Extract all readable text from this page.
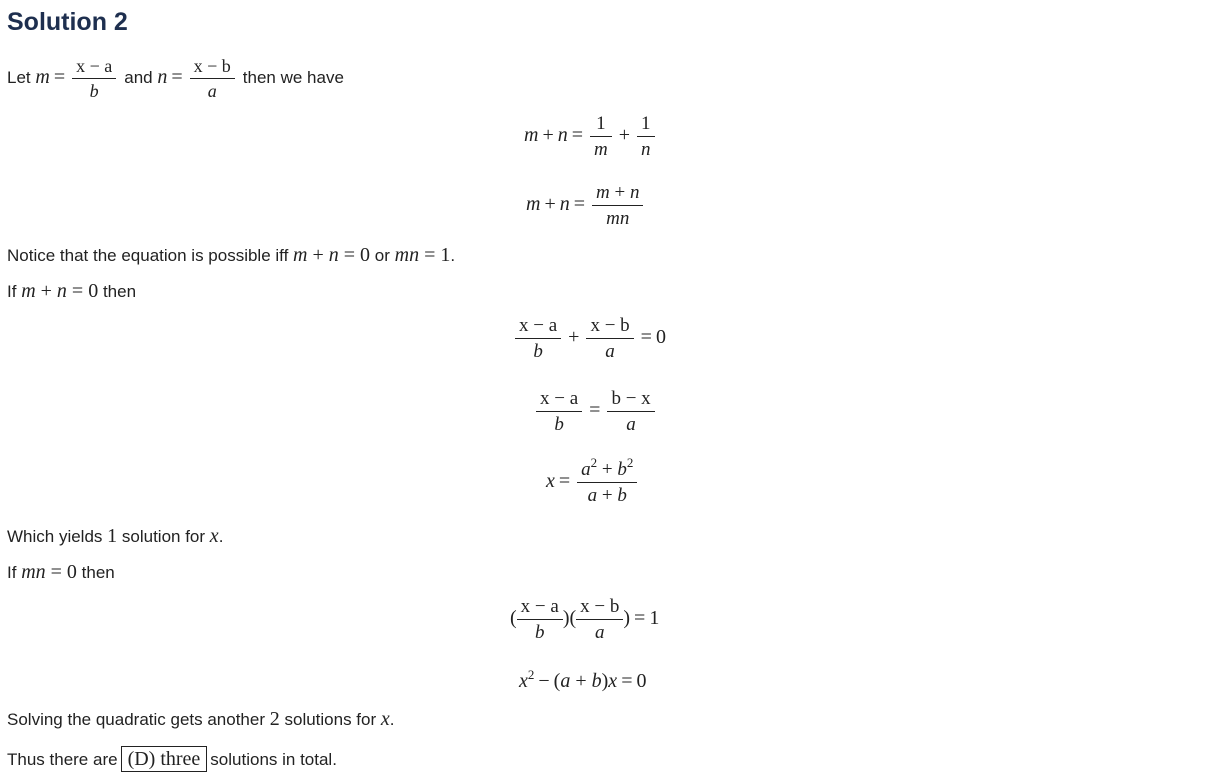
Solution 2
Let $m = \frac{x - a}{b}$ and $n = \frac{x - b}{a}$ then we have
$m + n = \frac{1}{m} + \frac{1}{n}$
$m + n = \frac{m + n}{mn}$
Notice that the equation is possible iff m + n = 0 or mn = 1.
If m + n = 0 then
$\frac{x - a}{b} + \frac{x - b}{a} = 0$
$\frac{x - a}{b} = \frac{b - x}{a}$
$x = \frac{a^2 + b^2}{a + b}$
Which yields 1 solution for x.
If mn = 0 then
( $\frac{x - a}{b}$ )( $\frac{x - b}{a}$ ) = 1
$x^2 - (a + b)x = 0$
Solving the quadratic gets another 2 solutions for x.
Thus there are (D) three solutions in total.
